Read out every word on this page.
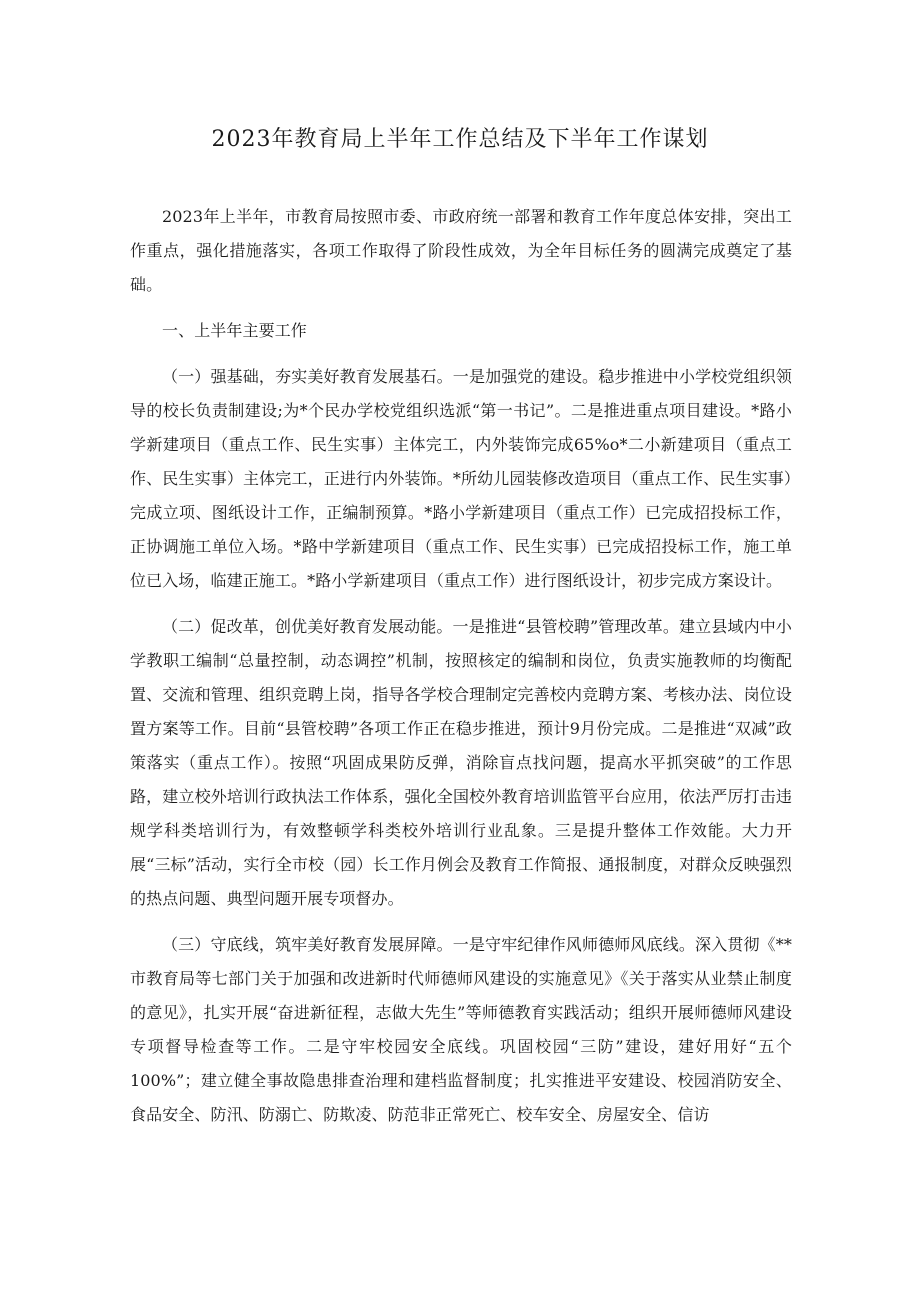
2023年教育局上半年工作总结及下半年工作谋划

2023年上半年，市教育局按照市委、市政府统一部署和教育工作年度总体安排，突出工作重点，强化措施落实，各项工作取得了阶段性成效，为全年目标任务的圆满完成奠定了基础。

一、上半年主要工作

（一）强基础，夯实美好教育发展基石。一是加强党的建设。稳步推进中小学校党组织领导的校长负责制建设;为*个民办学校党组织选派“第一书记”。二是推进重点项目建设。*路小学新建项目（重点工作、民生实事）主体完工，内外装饰完成65%o*二小新建项目（重点工作、民生实事）主体完工，正进行内外装饰。*所幼儿园装修改造项目（重点工作、民生实事）完成立项、图纸设计工作，正编制预算。*路小学新建项目（重点工作）已完成招投标工作，正协调施工单位入场。*路中学新建项目（重点工作、民生实事）已完成招投标工作，施工单位已入场，临建正施工。*路小学新建项目（重点工作）进行图纸设计，初步完成方案设计。

（二）促改革，创优美好教育发展动能。一是推进“县管校聘”管理改革。建立县域内中小学教职工编制“总量控制，动态调控”机制，按照核定的编制和岗位，负责实施教师的均衡配置、交流和管理、组织竞聘上岗，指导各学校合理制定完善校内竞聘方案、考核办法、岗位设置方案等工作。目前“县管校聘”各项工作正在稳步推进，预计9月份完成。二是推进“双减”政策落实（重点工作）。按照“巩固成果防反弹，消除盲点找问题，提高水平抓突破”的工作思路，建立校外培训行政执法工作体系，强化全国校外教育培训监管平台应用，依法严厉打击违规学科类培训行为，有效整顿学科类校外培训行业乱象。三是提升整体工作效能。大力开展“三标”活动，实行全市校（园）长工作月例会及教育工作简报、通报制度，对群众反映强烈的热点问题、典型问题开展专项督办。

（三）守底线，筑牢美好教育发展屏障。一是守牢纪律作风师德师风底线。深入贯彻《**市教育局等七部门关于加强和改进新时代师德师风建设的实施意见》《关于落实从业禁止制度的意见》，扎实开展“奋进新征程，志做大先生”等师德教育实践活动；组织开展师德师风建设专项督导检查等工作。二是守牢校园安全底线。巩固校园“三防”建设，建好用好“五个100%”；建立健全事故隐患排查治理和建档监督制度；扎实推进平安建设、校园消防安全、食品安全、防汛、防溺亡、防欺凌、防范非正常死亡、校车安全、房屋安全、信访
